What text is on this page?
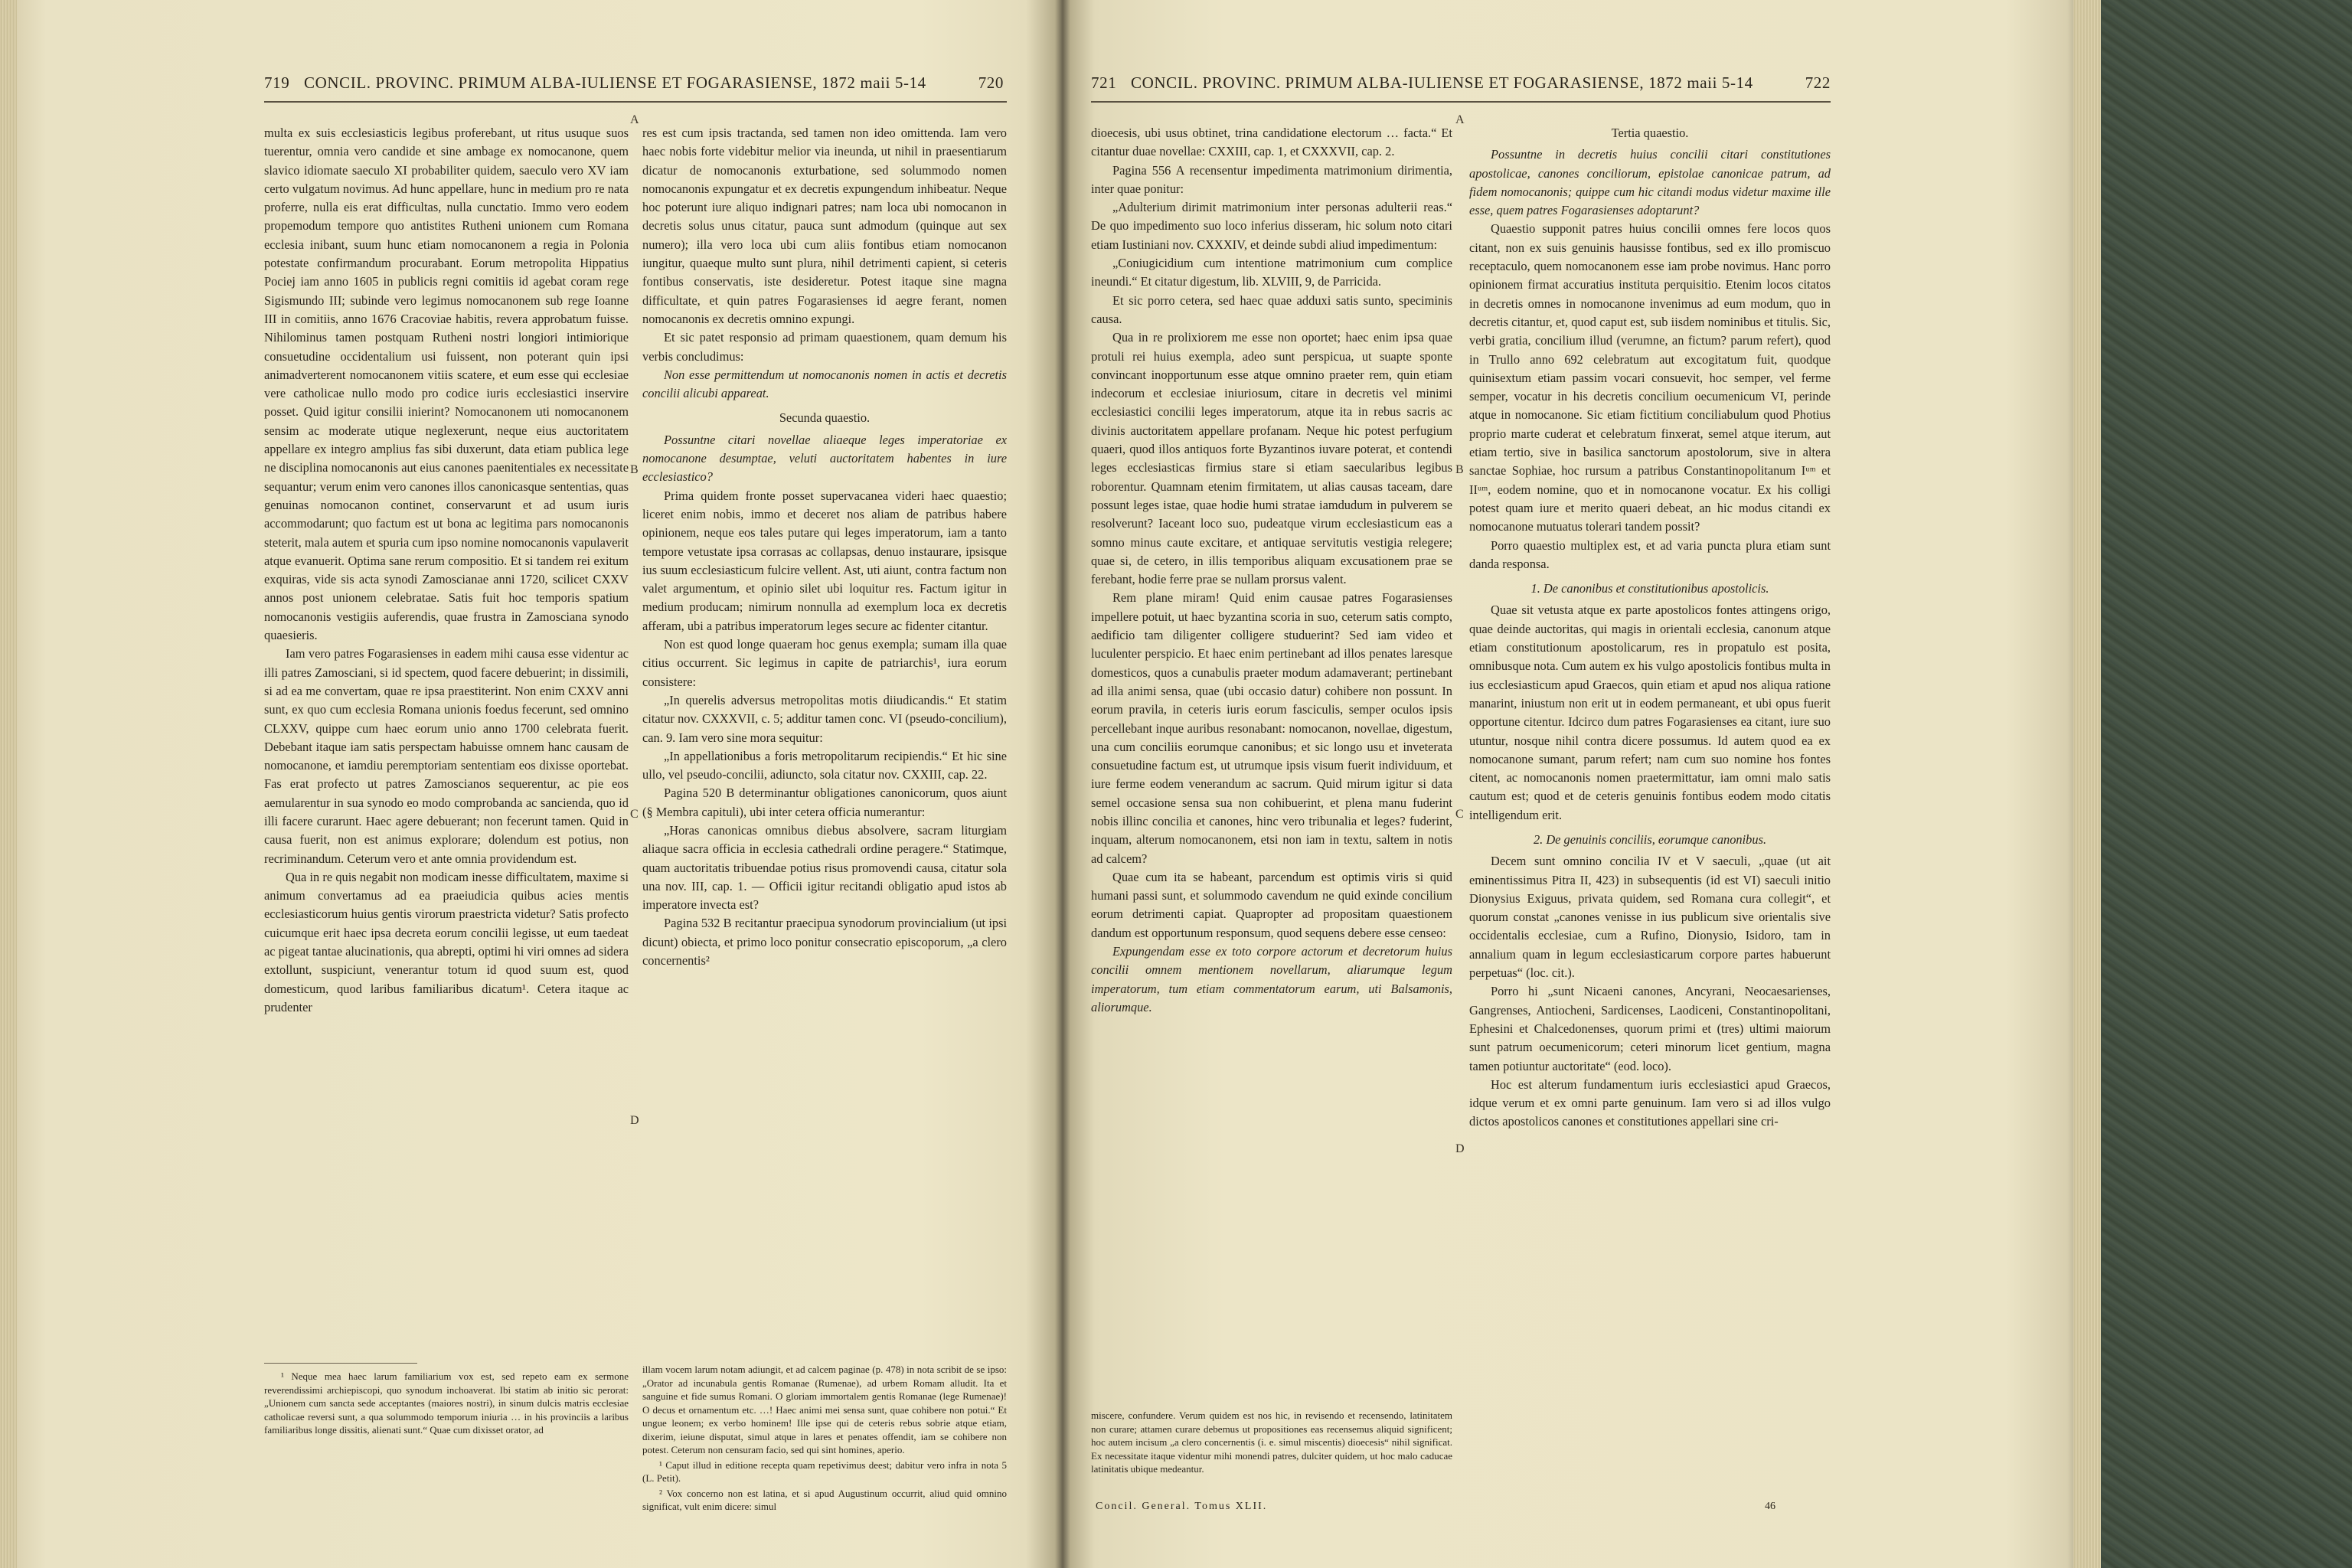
719 CONCIL. PROVINC. PRIMUM ALBA-IULIENSE ET FOGARASIENSE, 1872 maii 5-14	720

multa ex suis ecclesiasticis legibus proferebant, ut ritus usuque suos tuerentur, omnia vero candide et sine ambage ex nomocanone, quem slavico idiomate saeculo XI probabiliter quidem, saeculo vero XV iam certo vulgatum novimus. Ad hunc appellare, hunc in medium pro re nata proferre, nulla eis erat difficultas, nulla cunctatio. Immo vero eodem propemodum tempore quo antistites Rutheni unionem cum Romana ecclesia inibant, suum hunc etiam nomocanonem a regia in Polonia potestate confirmandum procurabant. Eorum metropolita Hippatius Pociej iam anno 1605 in publicis regni comitiis id agebat coram rege Sigismundo III; subinde vero legimus nomocanonem sub rege Ioanne III in comitiis, anno 1676 Cracoviae habitis, revera approbatum fuisse. Nihilominus tamen postquam Rutheni nostri longiori intimiorique consuetudine occidentalium usi fuissent, non poterant quin ipsi animadverterent nomocanonem vitiis scatere, et eum esse qui ecclesiae vere catholicae nullo modo pro codice iuris ecclesiastici inservire posset. Quid igitur consilii inierint? Nomocanonem uti nomocanonem sensim ac moderate utique neglexerunt, neque eius auctoritatem appellare ex integro amplius fas sibi duxerunt, data etiam publica lege ne disciplina nomocanonis aut eius canones paenitentiales ex necessitate sequantur; verum enim vero canones illos canonicasque sententias, quas genuinas nomocanon continet, conservarunt et ad usum iuris accommodarunt; quo factum est ut bona ac legitima pars nomocanonis steterit, mala autem et spuria cum ipso nomine nomocanonis vapulaverit atque evanuerit. Optima sane rerum compositio. Et si tandem rei exitum exquiras, vide sis acta synodi Zamoscianae anni 1720, scilicet CXXV annos post unionem celebratae. Satis fuit hoc temporis spatium nomocanonis vestigiis auferendis, quae frustra in Zamosciana synodo quaesieris.

Iam vero patres Fogarasienses in eadem mihi causa esse videntur ac illi patres Zamosciani, si id spectem, quod facere debuerint; in dissimili, si ad ea me convertam, quae re ipsa praestiterint. Non enim CXXV anni sunt, ex quo cum ecclesia Romana unionis foedus fecerunt, sed omnino CLXXV, quippe cum haec eorum unio anno 1700 celebrata fuerit. Debebant itaque iam satis perspectam habuisse omnem hanc causam de nomocanone, et iamdiu peremptoriam sententiam eos dixisse oportebat. Fas erat profecto ut patres Zamoscianos sequerentur, ac pie eos aemularentur in sua synodo eo modo comprobanda ac sancienda, quo id illi facere curarunt. Haec agere debuerant; non fecerunt tamen. Quid in causa fuerit, non est animus explorare; dolendum est potius, non recriminandum. Ceterum vero et ante omnia providendum est.

Qua in re quis negabit non modicam inesse difficultatem, maxime si animum convertamus ad ea praeiudicia quibus acies mentis ecclesiasticorum huius gentis virorum praestricta videtur? Satis profecto cuicumque erit haec ipsa decreta eorum concilii legisse, ut eum taedeat ac pigeat tantae alucinationis, qua abrepti, optimi hi viri omnes ad sidera extollunt, suspiciunt, venerantur totum id quod suum est, quod domesticum, quod laribus familiaribus dicatum¹. Cetera itaque ac prudenter

¹ Neque mea haec larum familiarium vox est, sed repeto eam ex sermone reverendissimi archiepiscopi, quo synodum inchoaverat. Ibi statim ab initio sic perorat: „Unionem cum sancta sede acceptantes (maiores nostri), in sinum dulcis matris ecclesiae catholicae reversi sunt, a qua solummodo temporum iniuria … in his provinciis a laribus familiaribus longe dissitis, alienati sunt.“ Quae cum dixisset orator, ad

res est cum ipsis tractanda, sed tamen non ideo omittenda. Iam vero haec nobis forte videbitur melior via ineunda, ut nihil in praesentiarum dicatur de nomocanonis exturbatione, sed solummodo nomen nomocanonis expungatur et ex decretis expungendum inhibeatur. Neque hoc poterunt iure aliquo indignari patres; nam loca ubi nomocanon in decretis solus unus citatur, pauca sunt admodum (quinque aut sex numero); illa vero loca ubi cum aliis fontibus etiam nomocanon iungitur, quaeque multo sunt plura, nihil detrimenti capient, si ceteris fontibus conservatis, iste desideretur. Potest itaque sine magna difficultate, et quin patres Fogarasienses id aegre ferant, nomen nomocanonis ex decretis omnino expungi.

Et sic patet responsio ad primam quaestionem, quam demum his verbis concludimus:

Non esse permittendum ut nomocanonis nomen in actis et decretis concilii alicubi appareat.

Secunda quaestio.

Possuntne citari novellae aliaeque leges imperatoriae ex nomocanone desumptae, veluti auctoritatem habentes in iure ecclesiastico?

Prima quidem fronte posset supervacanea videri haec quaestio; liceret enim nobis, immo et deceret nos aliam de patribus habere opinionem, neque eos tales putare qui leges imperatorum, iam a tanto tempore vetustate ipsa corrasas ac collapsas, denuo instaurare, ipsisque ius suum ecclesiasticum fulcire vellent. Ast, uti aiunt, contra factum non valet argumentum, et opinio silet ubi loquitur res. Factum igitur in medium producam; nimirum nonnulla ad exemplum loca ex decretis afferam, ubi a patribus imperatorum leges secure ac fidenter citantur.

Non est quod longe quaeram hoc genus exempla; sumam illa quae citius occurrent. Sic legimus in capite de patriarchis¹, iura eorum consistere:

„In querelis adversus metropolitas motis diiudicandis.“ Et statim citatur nov. CXXXVII, c. 5; additur tamen conc. VI (pseudo-concilium), can. 9. Iam vero sine mora sequitur:

„In appellationibus a foris metropolitarum recipiendis.“ Et hic sine ullo, vel pseudo-concilii, adiuncto, sola citatur nov. CXXIII, cap. 22.

Pagina 520 B determinantur obligationes canonicorum, quos aiunt (§ Membra capituli), ubi inter cetera officia numerantur:

„Horas canonicas omnibus diebus absolvere, sacram liturgiam aliaque sacra officia in ecclesia cathedrali ordine peragere.“ Statimque, quam auctoritatis tribuendae potius risus promovendi causa, citatur sola una nov. III, cap. 1. — Officii igitur recitandi obligatio apud istos ab imperatore invecta est?

Pagina 532 B recitantur praecipua synodorum provincialium (ut ipsi dicunt) obiecta, et primo loco ponitur consecratio episcoporum, „a clero concernentis²

illam vocem larum notam adiungit, et ad calcem paginae (p. 478) in nota scribit de se ipso: „Orator ad incunabula gentis Romanae (Rumenae), ad urbem Romam alludit. Ita et sanguine et fide sumus Romani. O gloriam immortalem gentis Romanae (lege Rumenae)! O decus et ornamentum etc. …! Haec animi mei sensa sunt, quae cohibere non potui.“ Et unguе leonem; ex verbo hominem! Ille ipse qui de ceteris rebus sobrie atque etiam, dixerim, ieiune disputat, simul atque in lares et penates offendit, iam se cohibere non potest. Ceterum non censuram facio, sed qui sint homines, aperio.

¹ Caput illud in editione recepta quam repetivimus deest; dabitur vero infra in nota 5 (L. Petit).

² Vox concerno non est latina, et si apud Augustinum occurrit, aliud quid omnino significat, vult enim dicere: simul

A
B
C
D
721 CONCIL. PROVINC. PRIMUM ALBA-IULIENSE ET FOGARASIENSE, 1872 maii 5-14	722

dioecesis, ubi usus obtinet, trina candidatione electorum … facta.“ Et citantur duae novellae: CXXIII, cap. 1, et CXXXVII, cap. 2.

Pagina 556 A recensentur impedimenta matrimonium dirimentia, inter quae ponitur:

„Adulterium dirimit matrimonium inter personas adulterii reas.“ De quo impedimento suo loco inferius disseram, hic solum noto citari etiam Iustiniani nov. CXXXIV, et deinde subdi aliud impedimentum:

„Coniugicidium cum intentione matrimonium cum complice ineundi.“ Et citatur digestum, lib. XLVIII, 9, de Parricida.

Et sic porro cetera, sed haec quae adduxi satis sunto, speciminis causa.

Qua in re prolixiorem me esse non oportet; haec enim ipsa quae protuli rei huius exempla, adeo sunt perspicua, ut suapte sponte convincant inopportunum esse atque omnino praeter rem, quin etiam indecorum et ecclesiae iniuriosum, citare in decretis vel minimi ecclesiastici concilii leges imperatorum, atque ita in rebus sacris ac divinis auctoritatem appellare profanam. Neque hic potest perfugium quaeri, quod illos antiquos forte Byzantinos iuvare poterat, et contendi leges ecclesiasticas firmius stare si etiam saecularibus legibus roborentur. Quamnam etenim firmitatem, ut alias causas taceam, dare possunt leges istae, quae hodie humi stratae iamdudum in pulverem se resolverunt? Iaceant loco suo, pudeatque virum ecclesiasticum eas a somno minus caute excitare, et antiquae servitutis vestigia relegere; quae si, de cetero, in illis temporibus aliquam excusationem prae se ferebant, hodie ferre prae se nullam prorsus valent.

Rem plane miram! Quid enim causae patres Fogarasienses impellere potuit, ut haec byzantina scoria in suo, ceterum satis compto, aedificio tam diligenter colligere studuerint? Sed iam video et luculenter perspicio. Et haec enim pertinebant ad illos penates laresque domesticos, quos a cunabulis praeter modum adamaverant; pertinebant ad illa animi sensa, quae (ubi occasio datur) cohibere non possunt. In eorum pravila, in ceteris iuris eorum fasciculis, semper oculos ipsis percellebant inque auribus resonabant: nomocanon, novellae, digestum, una cum conciliis eorumque canonibus; et sic longo usu et inveterata consuetudine factum est, ut utrumque ipsis visum fuerit individuum, et iure ferme eodem venerandum ac sacrum. Quid mirum igitur si data semel occasione sensa sua non cohibuerint, et plena manu fuderint nobis illinc concilia et canones, hinc vero tribunalia et leges? fuderint, inquam, alterum nomocanonem, etsi non iam in textu, saltem in notis ad calcem?

Quae cum ita se habeant, parcendum est optimis viris si quid humani passi sunt, et solummodo cavendum ne quid exinde concilium eorum detrimenti capiat. Quapropter ad propositam quaestionem dandum est opportunum responsum, quod sequens debere esse censeo:

Expungendam esse ex toto corpore actorum et decretorum huius concilii omnem mentionem novellarum, aliarumque legum imperatorum, tum etiam commentatorum earum, uti Balsamonis, aliorumque.

miscere, confundere. Verum quidem est nos hic, in revisendo et recensendo, latinitatem non curare; attamen curare debemus ut propositiones eas recensemus aliquid significent; hoc autem incisum „a clero concernentis (i. e. simul miscentis) dioecesis“ nihil significat. Ex necessitate itaque videntur mihi monendi patres, dulciter quidem, ut hoc malo caducae latinitatis ubique medeantur.

Concil. General. Tomus XLII.
Tertia quaestio.

Possuntne in decretis huius concilii citari constitutiones apostolicae, canones conciliorum, epistolae canonicae patrum, ad fidem nomocanonis; quippe cum hic citandi modus videtur maxime ille esse, quem patres Fogarasienses adoptarunt?

Quaestio supponit patres huius concilii omnes fere locos quos citant, non ex suis genuinis hausisse fontibus, sed ex illo promiscuo receptaculo, quem nomocanonem esse iam probe novimus. Hanc porro opinionem firmat accuratius instituta perquisitio. Etenim locos citatos in decretis omnes in nomocanone invenimus ad eum modum, quo in decretis citantur, et, quod caput est, sub iisdem nominibus et titulis. Sic, verbi gratia, concilium illud (verumne, an fictum? parum refert), quod in Trullo anno 692 celebratum aut excogitatum fuit, quodque quinisextum etiam passim vocari consuevit, hoc semper, vel ferme semper, vocatur in his decretis concilium oecumenicum VI, perinde atque in nomocanone. Sic etiam fictitium conciliabulum quod Photius proprio marte cuderat et celebratum finxerat, semel atque iterum, aut etiam tertio, sive in basilica sanctorum apostolorum, sive in altera sanctae Sophiae, hoc rursum a patribus Constantinopolitanum Iᵘᵐ et IIᵘᵐ, eodem nomine, quo et in nomocanone vocatur. Ex his colligi potest quam iure et merito quaeri debeat, an hic modus citandi ex nomocanone mutuatus tolerari tandem possit?

Porro quaestio multiplex est, et ad varia puncta plura etiam sunt danda responsa.

1. De canonibus et constitutionibus apostolicis.

Quae sit vetusta atque ex parte apostolicos fontes attingens origo, quae deinde auctoritas, qui magis in orientali ecclesia, canonum atque etiam constitutionum apostolicarum, res in propatulo est posita, omnibusque nota. Cum autem ex his vulgo apostolicis fontibus multa in ius ecclesiasticum apud Graecos, quin etiam et apud nos aliqua ratione manarint, iniustum non erit ut in eodem permaneant, et ubi opus fuerit opportune citentur. Idcirco dum patres Fogarasienses ea citant, iure suo utuntur, nosque nihil contra dicere possumus. Id autem quod ea ex nomocanone sumant, parum refert; nam cum suo nomine hos fontes citent, ac nomocanonis nomen praetermittatur, iam omni malo satis cautum est; quod et de ceteris genuinis fontibus eodem modo citatis intelligendum erit.

2. De genuinis conciliis, eorumque canonibus.

Decem sunt omnino concilia IV et V saeculi, „quae (ut ait eminentissimus Pitra II, 423) in subsequentis (id est VI) saeculi initio Dionysius Exiguus, privata quidem, sed Romana cura collegit“, et quorum constat „canones venisse in ius publicum sive orientalis sive occidentalis ecclesiae, cum a Rufino, Dionysio, Isidoro, tam in annalium quam in legum ecclesiasticarum corpore partes habuerunt perpetuas“ (loc. cit.).

Porro hi „sunt Nicaeni canones, Ancyrani, Neocaesarienses, Gangrenses, Antiocheni, Sardicenses, Laodiceni, Constantinopolitani, Ephesini et Chalcedonenses, quorum primi et (tres) ultimi maiorum sunt patrum oecumenicorum; ceteri minorum licet gentium, magna tamen potiuntur auctoritate“ (eod. loco).

Hoc est alterum fundamentum iuris ecclesiastici apud Graecos, idque verum et ex omni parte genuinum. Iam vero si ad illos vulgo dictos apostolicos canones et constitutiones appellari sine cri-

46
A
B
C
D
